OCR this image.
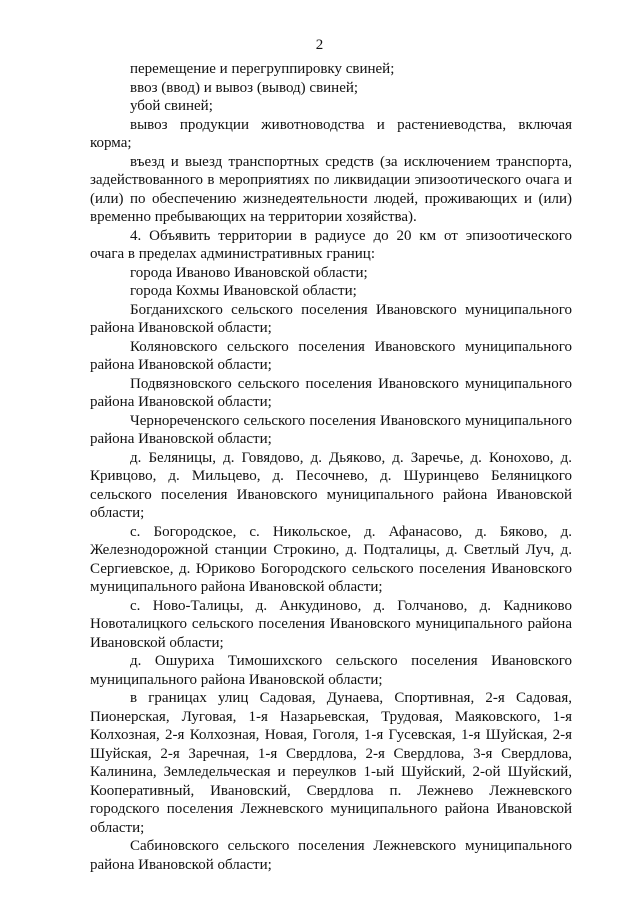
2

перемещение и перегруппировку свиней;

ввоз (ввод) и вывоз (вывод) свиней;

убой свиней;

вывоз продукции животноводства и растениеводства, включая корма;

въезд и выезд транспортных средств (за исключением транспорта, задействованного в мероприятиях по ликвидации эпизоотического очага и (или) по обеспечению жизнедеятельности людей, проживающих и (или) временно пребывающих на территории хозяйства).

4. Объявить территории в радиусе до 20 км от эпизоотического очага в пределах административных границ:

города Иваново Ивановской области;

города Кохмы Ивановской области;

Богданихского сельского поселения Ивановского муниципального района Ивановской области;

Коляновского сельского поселения Ивановского муниципального района Ивановской области;

Подвязновского сельского поселения Ивановского муниципального района Ивановской области;

Чернореченского сельского поселения Ивановского муниципального района Ивановской области;

д. Беляницы, д. Говядово, д. Дьяково, д. Заречье, д. Конохово, д. Кривцово, д. Мильцево, д. Песочнево, д. Шуринцево Беляницкого сельского поселения Ивановского муниципального района Ивановской области;

с. Богородское, с. Никольское, д. Афанасово, д. Бяково, д. Железнодорожной станции Строкино, д. Подталицы, д. Светлый Луч, д. Сергиевское, д. Юриково Богородского сельского поселения Ивановского муниципального района Ивановской области;

с. Ново-Талицы, д. Анкудиново, д. Голчаново, д. Кадниково Новоталицкого сельского поселения Ивановского муниципального района Ивановской области;

д. Ошуриха Тимошихского сельского поселения Ивановского муниципального района Ивановской области;

в границах улиц Садовая, Дунаева, Спортивная, 2-я Садовая, Пионерская, Луговая, 1-я Назарьевская, Трудовая, Маяковского, 1-я Колхозная, 2-я Колхозная, Новая, Гоголя, 1-я Гусевская, 1-я Шуйская, 2-я Шуйская, 2-я Заречная, 1-я Свердлова, 2-я Свердлова, 3-я Свердлова, Калинина, Земледельческая и переулков 1-ый Шуйский, 2-ой Шуйский, Кооперативный, Ивановский, Свердлова п. Лежнево Лежневского городского поселения Лежневского муниципального района Ивановской области;

Сабиновского сельского поселения Лежневского муниципального района Ивановской области;
